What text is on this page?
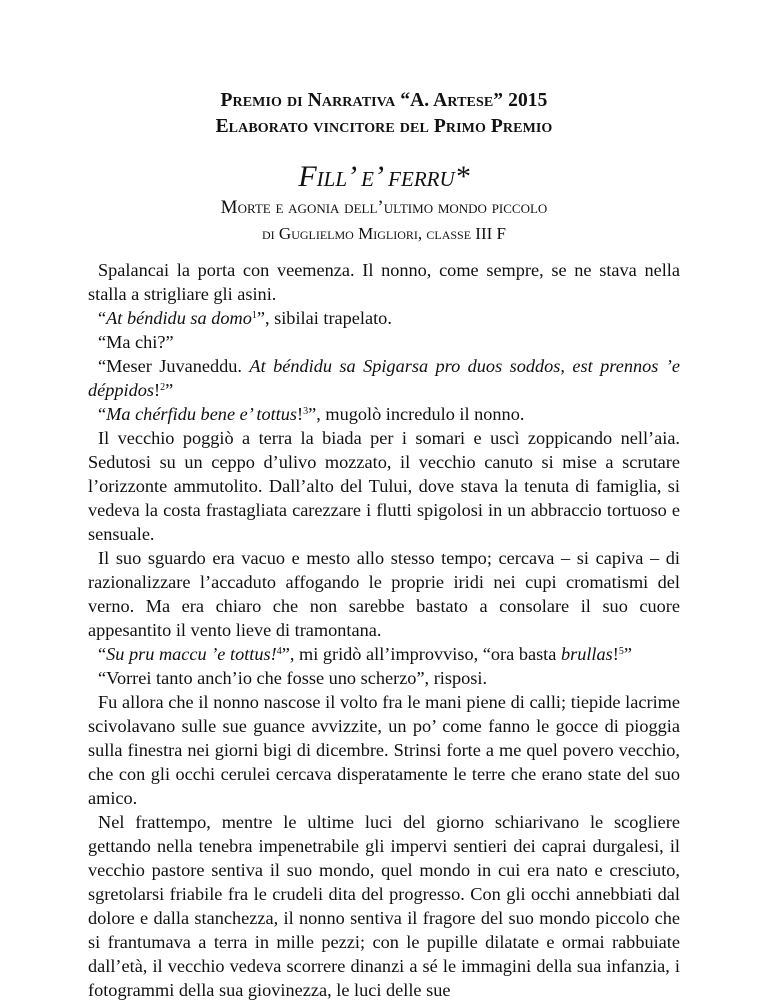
Premio di Narrativa “A. Artese” 2015
Elaborato vincitore del Primo Premio
Fill’ e’ ferru*
Morte e agonia dell’ultimo mondo piccolo
di Guglielmo Migliori, classe III F

Spalancai la porta con veemenza. Il nonno, come sempre, se ne stava nella stalla a strigliare gli asini.

“At béndidu sa domo$^1$”, sibilai trapelato.

“Ma chi?”

“Meser Juvaneddu. At béndidu sa Spigarsa pro duos soddos, est prennos ’e déppidos!$^2$”

“Ma chérfidu bene e’ tottus!$^3$”, mugolò incredulo il nonno.

Il vecchio poggiò a terra la biada per i somari e uscì zoppicando nell’aia. Sedutosi su un ceppo d’ulivo mozzato, il vecchio canuto si mise a scrutare l’orizzonte ammutolito. Dall’alto del Tului, dove stava la tenuta di famiglia, si vedeva la costa frastagliata carezzare i flutti spigolosi in un abbraccio tortuoso e sensuale.

Il suo sguardo era vacuo e mesto allo stesso tempo; cercava – si capiva – di razionalizzare l’accaduto affogando le proprie iridi nei cupi cromatismi del verno. Ma era chiaro che non sarebbe bastato a consolare il suo cuore appesantito il vento lieve di tramontana.

“Su pru maccu ’e tottus!$^4$”, mi gridò all’improvviso, “ora basta brullas!$^5$”

“Vorrei tanto anch’io che fosse uno scherzo”, risposi.

Fu allora che il nonno nascose il volto fra le mani piene di calli; tiepide lacrime scivolavano sulle sue guance avvizzite, un po’ come fanno le gocce di pioggia sulla finestra nei giorni bigi di dicembre. Strinsi forte a me quel povero vecchio, che con gli occhi cerulei cercava disperatamente le terre che erano state del suo amico.

Nel frattempo, mentre le ultime luci del giorno schiarivano le scogliere gettando nella tenebra impenetrabile gli impervi sentieri dei caprai durgalesi, il vecchio pastore sentiva il suo mondo, quel mondo in cui era nato e cresciuto, sgretolarsi friabile fra le crudeli dita del progresso. Con gli occhi annebbiati dal dolore e dalla stanchezza, il nonno sentiva il fragore del suo mondo piccolo che si frantumava a terra in mille pezzi; con le pupille dilatate e ormai rabbuiate dall’età, il vecchio vedeva scorrere dinanzi a sé le immagini della sua infanzia, i fotogrammi della sua giovinezza, le luci delle sue
